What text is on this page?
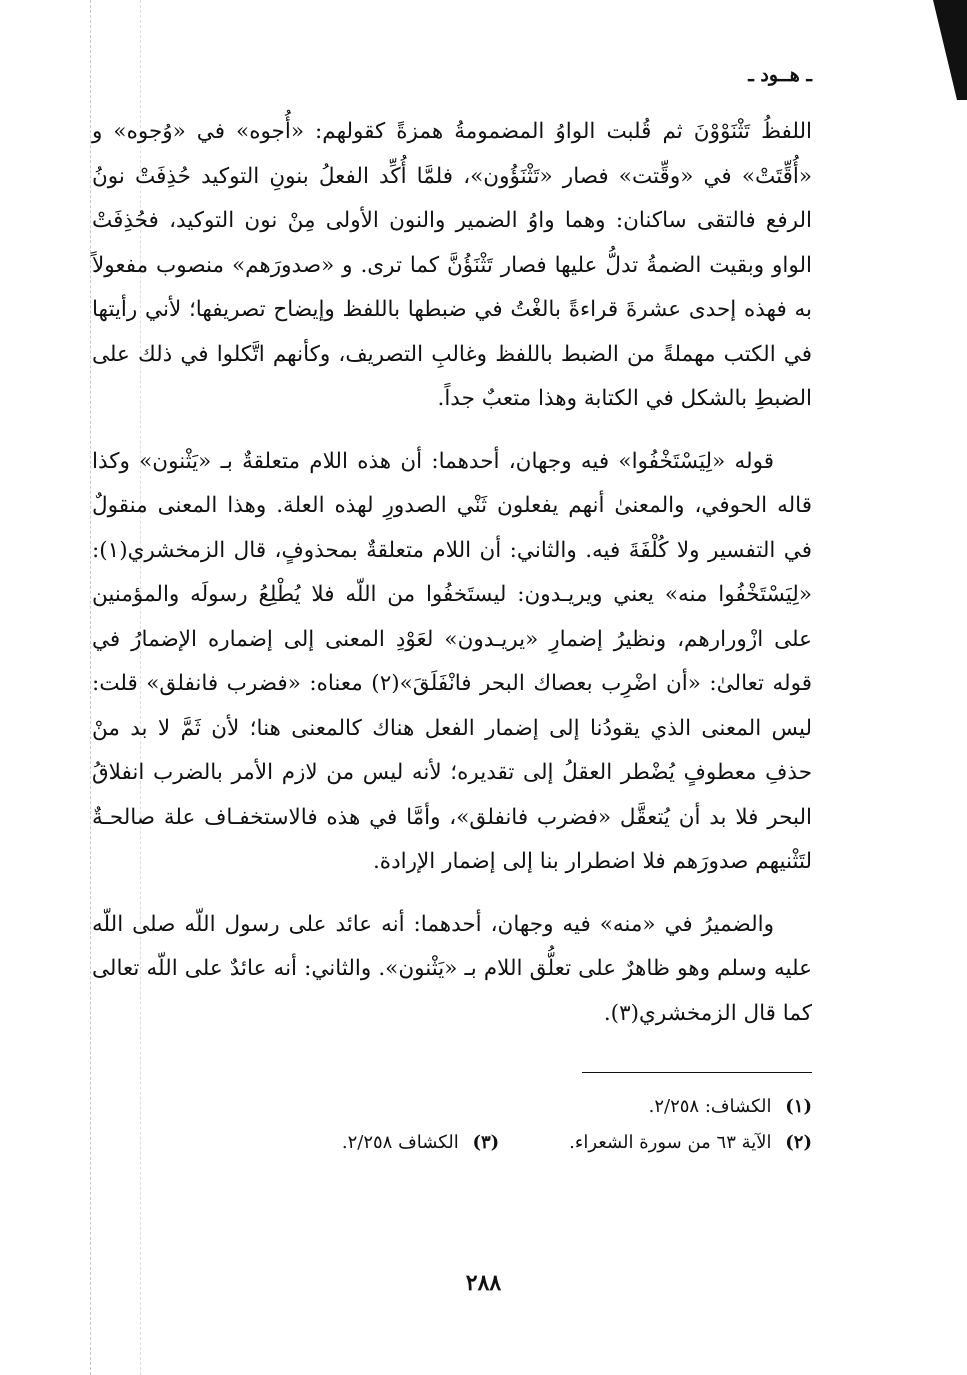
ـ هــود ـ

اللفظُ تَثْنَوْوْنَ ثم قُلبت الواوُ المضمومةُ همزةً كقولهم: «أُجوه» في «وُجوه» و «أُقِّتَتْ» في «وقِّتت» فصار «تَثْنَؤُون»، فلمَّا أُكِّد الفعلُ بنونِ التوكيد حُذِفَتْ نونُ الرفع فالتقى ساكنان: وهما واوُ الضمير والنون الأولى مِنْ نون التوكيد، فحُذِفَتْ الواو وبقيت الضمةُ تدلُّ عليها فصار تَثْنَؤُنَّ كما ترى. و «صدورَهم» منصوب مفعولاً به فهذه إحدى عشرةَ قراءةً بالغْتُ في ضبطها باللفظ وإيضاح تصريفها؛ لأني رأيتها في الكتب مهملةً من الضبط باللفظ وغالبِ التصريف، وكأنهم اتَّكلوا في ذلك على الضبطِ بالشكل في الكتابة وهذا متعبٌ جداً.

قوله «لِيَسْتَخْفُوا» فيه وجهان، أحدهما: أن هذه اللام متعلقةٌ بـ «يَثْنون» وكذا قاله الحوفي، والمعنىٰ أنهم يفعلون ثَنْي الصدورِ لهذه العلة. وهذا المعنى منقولٌ في التفسير ولا كُلْفَةَ فيه. والثاني: أن اللام متعلقةٌ بمحذوفٍ، قال الزمخشري(١): «لِيَسْتَخْفُوا منه» يعني ويريـدون: ليستَخفُوا من اللّه فلا يُطْلِعُ رسولَه والمؤمنين على ازْورارهم، ونظيرُ إضمارِ «يريـدون» لعَوْدِ المعنى إلى إضماره الإضمارُ في قوله تعالىٰ: «أن اضْرِب بعصاك البحر فانْفَلَقَ»(٢) معناه: «فضرب فانفلق» قلت: ليس المعنى الذي يقودُنا إلى إضمار الفعل هناك كالمعنى هنا؛ لأن ثَمَّ لا بد منْ حذفِ معطوفٍ يُضْطر العقلُ إلى تقديره؛ لأنه ليس من لازم الأمر بالضرب انفلاقُ البحر فلا بد أن يُتعقَّل «فضرب فانفلق»، وأمَّا في هذه فالاستخفـاف علة صالحـةٌ لتَثْنيهم صدورَهم فلا اضطرار بنا إلى إضمار الإرادة.

والضميرُ في «منه» فيه وجهان، أحدهما: أنه عائد على رسول اللّه صلى اللّه عليه وسلم وهو ظاهرٌ على تعلُّق اللام بـ «يَثْنون». والثاني: أنه عائدٌ على اللّه تعالى كما قال الزمخشري(٣).

(١) الكشاف: ٢/٢٥٨.
(٢) الآية ٦٣ من سورة الشعراء.
(٣) الكشاف ٢/٢٥٨.
٢٨٨
